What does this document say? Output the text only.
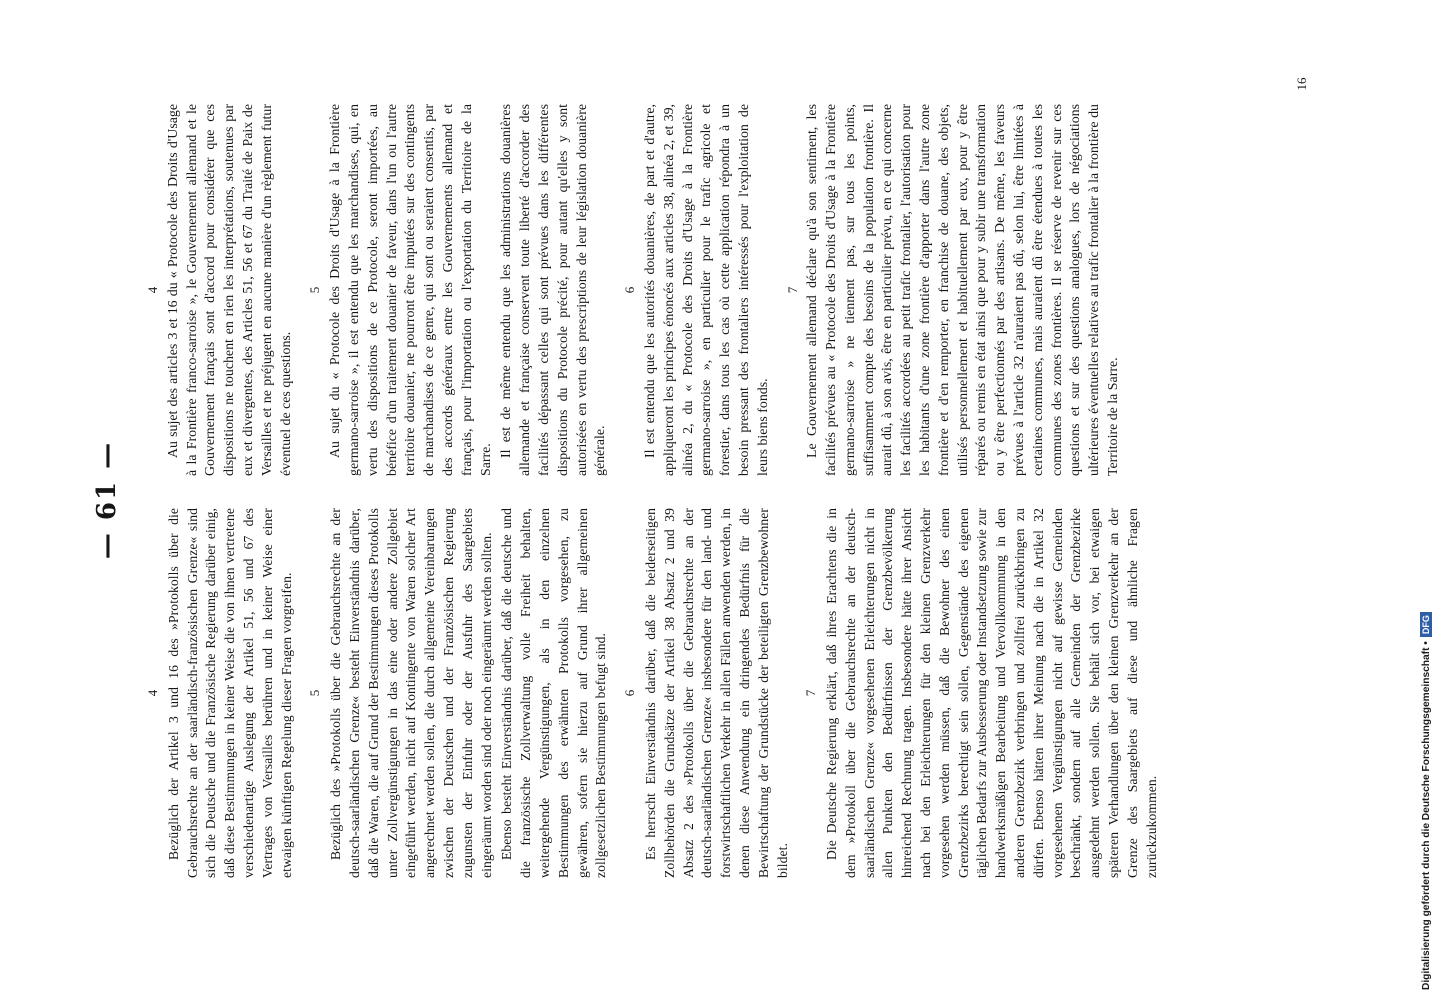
— 61 —
4 Bezüglich der Artikel 3 und 16 des »Protokolls über die Gebrauchsrechte an der saarländisch-französischen Grenze« sind sich die Deutsche und die Französische Regierung darüber einig, daß diese Bestimmungen in keiner Weise die von ihnen vertretene verschiedenartige Auslegung der Artikel 51, 56 und 67 des Vertrages von Versailles berühren und in keiner Weise einer etwaigen künftigen Regelung dieser Fragen vorgreifen. 5 Bezüglich des »Protokolls über die Gebrauchsrechte an der deutsch-saarländischen Grenze« besteht Einverständnis darüber, daß die Waren, die auf Grund der Bestimmungen dieses Protokolls unter Zollvergünstigungen in das eine oder andere Zollgebiet eingeführt werden, nicht auf Kontingente von Waren solcher Art angerechnet werden sollen, die durch allgemeine Vereinbarungen zwischen der Deutschen und der Französischen Regierung zugunsten der Einfuhr oder der Ausfuhr des Saargebiets eingeräumt worden sind oder noch eingeräumt werden sollten. Ebenso besteht Einverständnis darüber, daß die deutsche und die französische Zollverwaltung volle Freiheit behalten, weitergehende Vergünstigungen, als in den einzelnen Bestimmungen des erwähnten Protokolls vorgesehen, zu gewähren, sofern sie hierzu auf Grund ihrer allgemeinen zollgesetzlichen Bestimmungen befugt sind. 6 Es herrscht Einverständnis darüber, daß die beiderseitigen Zollbehörden die Grundsätze der Artikel 38 Absatz 2 und 39 Absatz 2 des »Protokolls über die Gebrauchsrechte an der deutsch-saarländischen Grenze« insbesondere für den land- und forstwirtschaftlichen Verkehr in allen Fällen anwenden werden, in denen diese Anwendung ein dringendes Bedürfnis für die Bewirtschaftung der Grundstücke der beteiligten Grenzbewohner bildet.

7 Die Deutsche Regierung erklärt, daß ihres Erachtens die in dem »Protokoll über die Gebrauchsrechte an der deutsch-saarländischen Grenze« vorgesehenen Erleichterungen nicht in allen Punkten den Bedürfnissen der Grenzbevölkerung hinreichend Rechnung tragen. Insbesondere hätte ihrer Ansicht nach bei den Erleichterungen für den kleinen Grenzverkehr vorgesehen werden müssen, daß die Bewohner des einen Grenzbezirks berechtigt sein sollen, Gegenstände des eigenen täglichen Bedarfs zur Ausbesserung oder Instandsetzung sowie zur handwerksmäßigen Bearbeitung und Vervollkommnung in den anderen Grenzbezirk verbringen und zollfrei zurückbringen zu dürfen. Ebenso hätten ihrer Meinung nach die in Artikel 32 vorgesehenen Vergünstigungen nicht auf gewisse Gemeinden beschränkt, sondern auf alle Gemeinden der Grenzbezirke ausgedehnt werden sollen. Sie behält sich vor, bei etwaigen späteren Verhandlungen über den kleinen Grenzverkehr an der Grenze des Saargebiets auf diese und ähnliche Fragen zurückzukommen.

4 Au sujet des articles 3 et 16 du « Protocole des Droits d'Usage à la Frontière franco-sarroise », le Gouvernement allemand et le Gouvernement français sont d'accord pour considérer que ces dispositions ne touchent en rien les interprétations, soutenues par eux et divergentes, des Articles 51, 56 et 67 du Traité de Paix de Versailles et ne préjugent en aucune manière d'un règlement futur éventuel de ces questions.

5 Au sujet du « Protocole des Droits d'Usage à la Frontière germano-sarroise », il est entendu que les marchandises, qui, en vertu des dispositions de ce Protocole, seront importées, au bénéfice d'un traitement douanier de faveur, dans l'un ou l'autre territoire douanier, ne pourront être imputées sur des contingents de marchandises de ce genre, qui sont ou seraient consentis, par des accords généraux entre les Gouvernements allemand et français, pour l'importation ou l'exportation du Territoire de la Sarre.

Il est de même entendu que les administrations douanières allemande et française conservent toute liberté d'accorder des facilités dépassant celles qui sont prévues dans les différentes dispositions du Protocole précité, pour autant qu'elles y sont autorisées en vertu des prescriptions de leur législation douanière générale.

6 Il est entendu que les autorités douanières, de part et d'autre, appliqueront les principes énoncés aux articles 38, alinéa 2, et 39, alinéa 2, du « Protocole des Droits d'Usage à la Frontière germano-sarroise », en particulier pour le trafic agricole et forestier, dans tous les cas où cette application répondra à un besoin pressant des frontaliers intéressés pour l'exploitation de leurs biens fonds.

7 Le Gouvernement allemand déclare qu'à son sentiment, les facilités prévues au « Protocole des Droits d'Usage à la Frontière germano-sarroise » ne tiennent pas, sur tous les points, suffisamment compte des besoins de la population frontière. Il aurait dû, à son avis, être en particulier prévu, en ce qui concerne les facilités accordées au petit trafic frontalier, l'autorisation pour les habitants d'une zone frontière d'apporter dans l'autre zone frontière et d'en remporter, en franchise de douane, des objets, utilisés personnellement et habituellement par eux, pour y être réparés ou remis en état ainsi que pour y subir une transformation ou y être perfectionnés par des artisans. De même, les faveurs prévues à l'article 32 n'auraient pas dû, selon lui, être limitées à certaines communes, mais auraient dû être étendues à toutes les communes des zones frontières. Il se réserve de revenir sur ces questions et sur des questions analogues, lors de négociations ultérieures éventuelles relatives au trafic frontalier à la frontière du Territoire de la Sarre.

16
Digitalisierung gefördert durch die Deutsche Forschungsgemeinschaft •DFG
